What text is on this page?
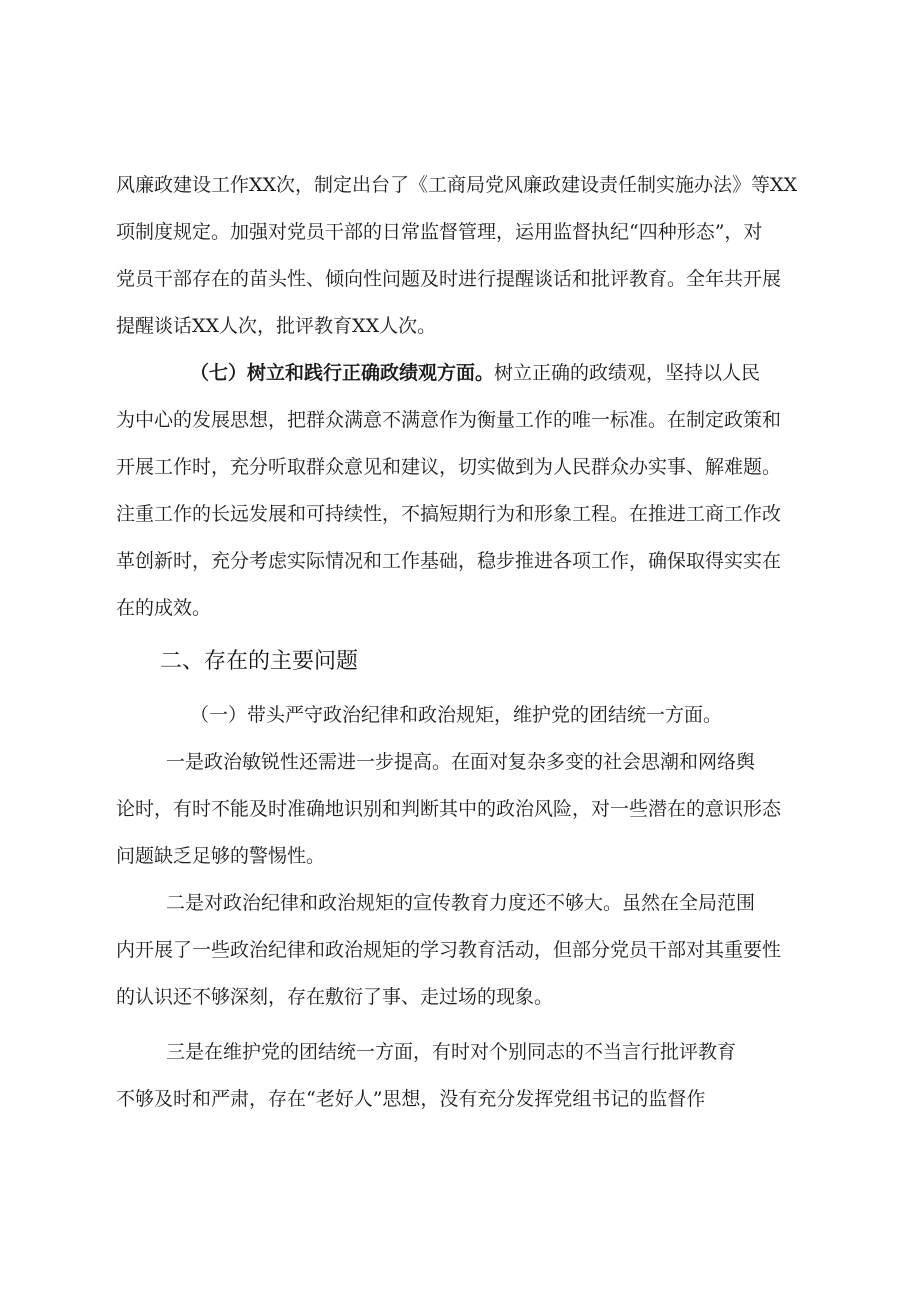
风廉政建设工作XX次，制定出台了《工商局党风廉政建设责任制实施办法》等XX
项制度规定。加强对党员干部的日常监督管理，运用监督执纪“四种形态”，对
党员干部存在的苗头性、倾向性问题及时进行提醒谈话和批评教育。全年共开展
提醒谈话XX人次，批评教育XX人次。
（七）树立和践行正确政绩观方面。树立正确的政绩观，坚持以人民
为中心的发展思想，把群众满意不满意作为衡量工作的唯一标准。在制定政策和
开展工作时，充分听取群众意见和建议，切实做到为人民群众办实事、解难题。
注重工作的长远发展和可持续性，不搞短期行为和形象工程。在推进工商工作改
革创新时，充分考虑实际情况和工作基础，稳步推进各项工作，确保取得实实在
在的成效。
二、存在的主要问题
（一）带头严守政治纪律和政治规矩，维护党的团结统一方面。
一是政治敏锐性还需进一步提高。在面对复杂多变的社会思潮和网络舆
论时，有时不能及时准确地识别和判断其中的政治风险，对一些潜在的意识形态
问题缺乏足够的警惕性。
二是对政治纪律和政治规矩的宣传教育力度还不够大。虽然在全局范围
内开展了一些政治纪律和政治规矩的学习教育活动，但部分党员干部对其重要性
的认识还不够深刻，存在敷衍了事、走过场的现象。
三是在维护党的团结统一方面，有时对个别同志的不当言行批评教育
不够及时和严肃，存在“老好人”思想，没有充分发挥党组书记的监督作
